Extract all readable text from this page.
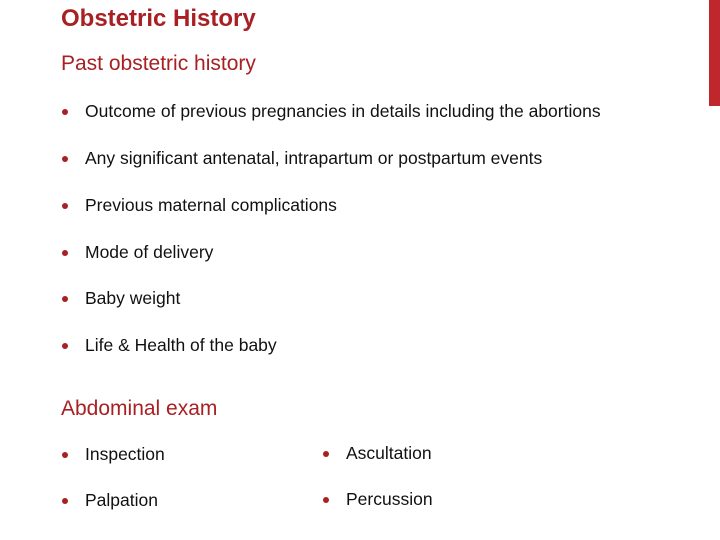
Obstetric History
Past obstetric history
Outcome of previous pregnancies in details including the abortions
Any significant antenatal, intrapartum or postpartum events
Previous maternal complications
Mode of delivery
Baby weight
Life & Health of the baby
Abdominal exam
Inspection
Palpation
Ascultation
Percussion
